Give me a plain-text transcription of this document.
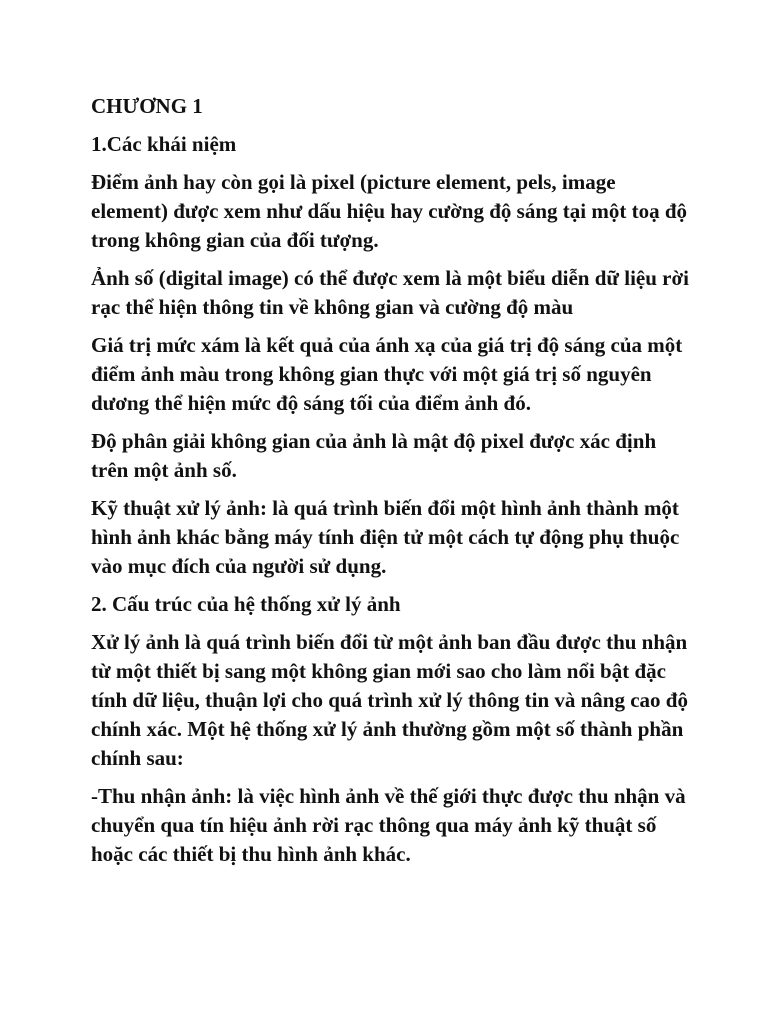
CHƯƠNG 1

1.Các khái niệm

Điểm ảnh hay còn gọi là pixel (picture element, pels, image element) được xem như dấu hiệu hay cường độ sáng tại một toạ độ trong không gian của đối tượng.

Ảnh số (digital image) có thể được xem là một biểu diễn dữ liệu rời rạc thể hiện thông tin về không gian và cường độ màu

Giá trị mức xám là kết quả của ánh xạ của giá trị độ sáng của một điểm ảnh màu trong không gian thực với một giá trị số nguyên dương thể hiện mức độ sáng tối của điểm ảnh đó.

Độ phân giải không gian của ảnh là mật độ pixel được xác định trên một ảnh số.

Kỹ thuật xử lý ảnh: là quá trình biến đổi một hình ảnh thành một hình ảnh khác bằng máy tính điện tử một cách tự động phụ thuộc vào mục đích của người sử dụng.

2. Cấu trúc của hệ thống xử lý ảnh

Xử lý ảnh là quá trình biến đổi từ một ảnh ban đầu được thu nhận từ một thiết bị sang một không gian mới sao cho làm nổi bật đặc tính dữ liệu, thuận lợi cho quá trình xử lý thông tin và nâng cao độ chính xác. Một hệ thống xử lý ảnh thường gồm một số thành phần chính sau:

-Thu nhận ảnh: là việc hình ảnh về thế giới thực được thu nhận và chuyển qua tín hiệu ảnh rời rạc thông qua máy ảnh kỹ thuật số hoặc các thiết bị thu hình ảnh khác.
